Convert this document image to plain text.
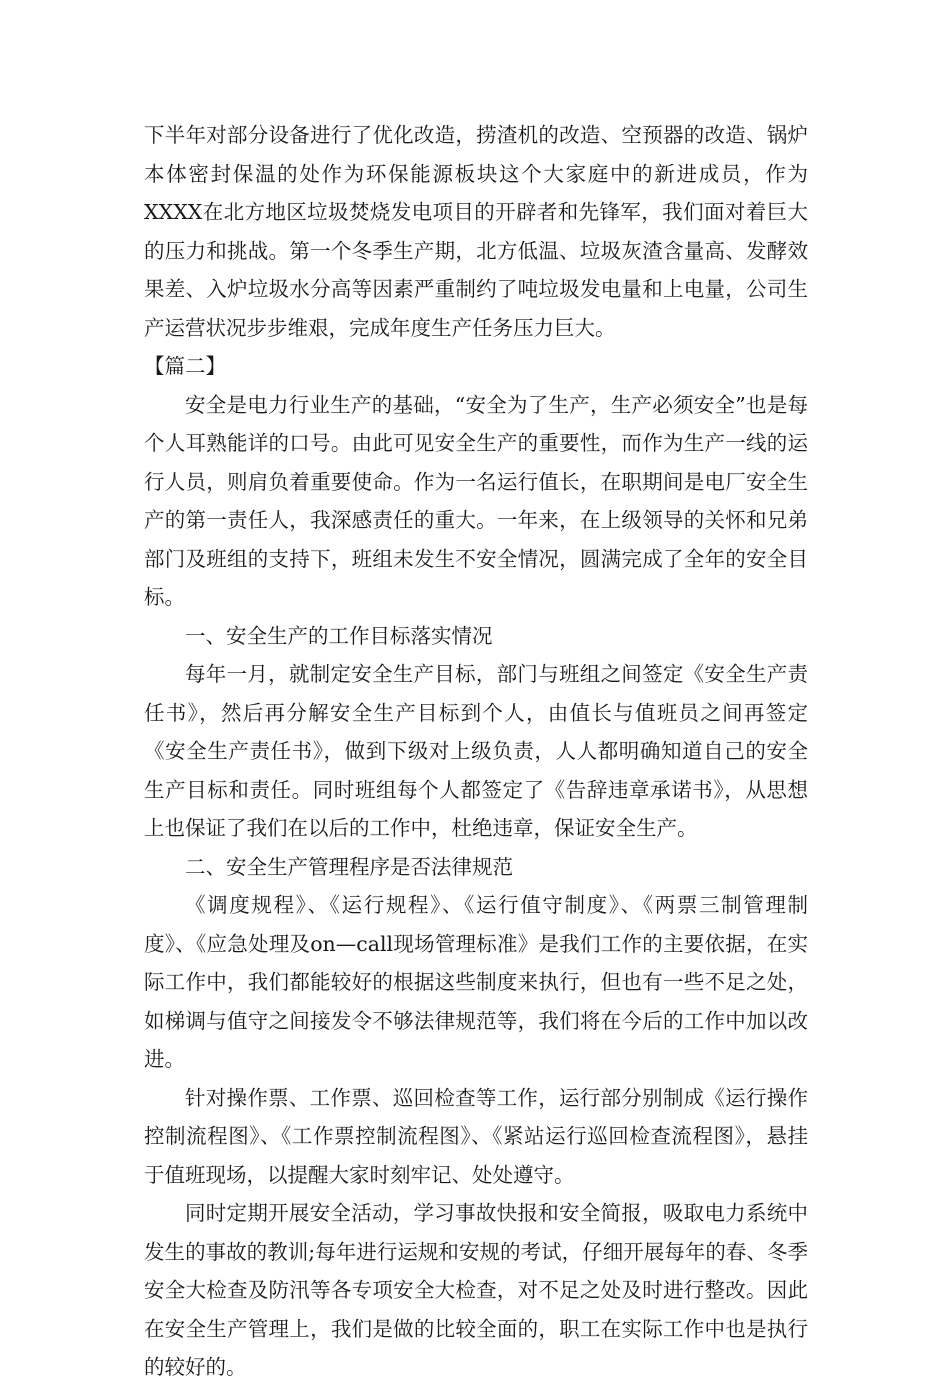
下半年对部分设备进行了优化改造，捞渣机的改造、空预器的改造、锅炉本体密封保温的处作为环保能源板块这个大家庭中的新进成员，作为XXXX在北方地区垃圾焚烧发电项目的开辟者和先锋军，我们面对着巨大的压力和挑战。第一个冬季生产期，北方低温、垃圾灰渣含量高、发酵效果差、入炉垃圾水分高等因素严重制约了吨垃圾发电量和上电量，公司生产运营状况步步维艰，完成年度生产任务压力巨大。

【篇二】

安全是电力行业生产的基础，“安全为了生产，生产必须安全”也是每个人耳熟能详的口号。由此可见安全生产的重要性，而作为生产一线的运行人员，则肩负着重要使命。作为一名运行值长，在职期间是电厂安全生产的第一责任人，我深感责任的重大。一年来，在上级领导的关怀和兄弟部门及班组的支持下，班组未发生不安全情况，圆满完成了全年的安全目标。

一、安全生产的工作目标落实情况

每年一月，就制定安全生产目标，部门与班组之间签定《安全生产责任书》，然后再分解安全生产目标到个人，由值长与值班员之间再签定《安全生产责任书》，做到下级对上级负责，人人都明确知道自己的安全生产目标和责任。同时班组每个人都签定了《告辞违章承诺书》，从思想上也保证了我们在以后的工作中，杜绝违章，保证安全生产。

二、安全生产管理程序是否法律规范

《调度规程》、《运行规程》、《运行值守制度》、《两票三制管理制度》、《应急处理及on—call现场管理标准》是我们工作的主要依据，在实际工作中，我们都能较好的根据这些制度来执行，但也有一些不足之处，如梯调与值守之间接发令不够法律规范等，我们将在今后的工作中加以改进。

针对操作票、工作票、巡回检查等工作，运行部分别制成《运行操作控制流程图》、《工作票控制流程图》、《紧站运行巡回检查流程图》，悬挂于值班现场，以提醒大家时刻牢记、处处遵守。

同时定期开展安全活动，学习事故快报和安全简报，吸取电力系统中发生的事故的教训;每年进行运规和安规的考试，仔细开展每年的春、冬季安全大检查及防汛等各专项安全大检查，对不足之处及时进行整改。因此在安全生产管理上，我们是做的比较全面的，职工在实际工作中也是执行的较好的。
